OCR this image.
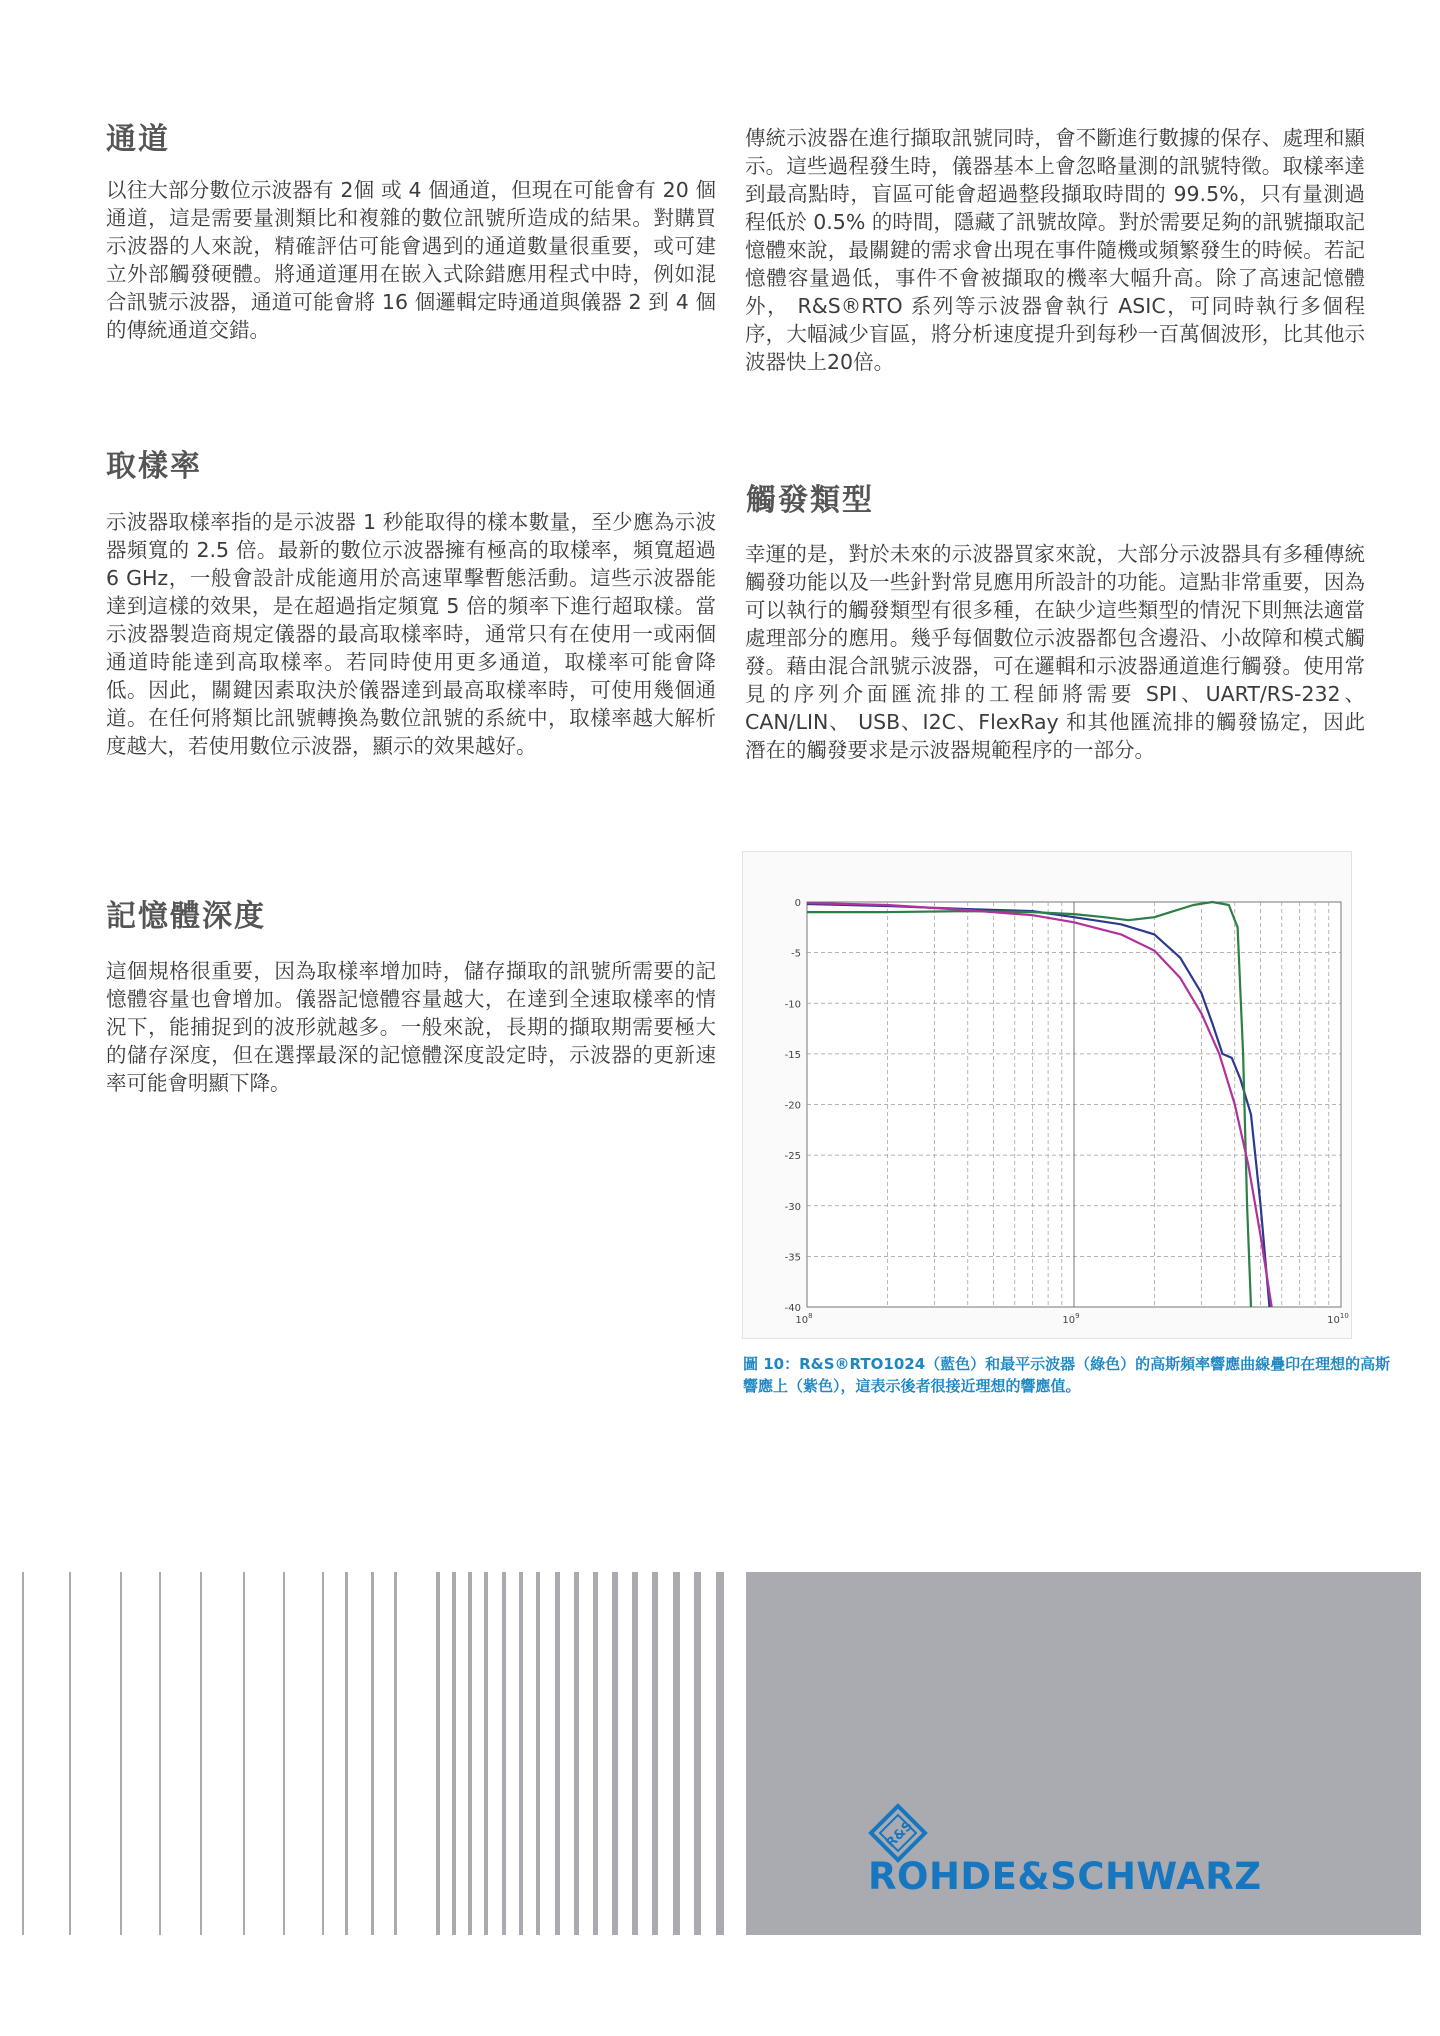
通道

以往大部分數位示波器有 2個 或 4 個通道，但現在可能會有 20 個通道，這是需要量測類比和複雜的數位訊號所造成的結果。對購買示波器的人來說，精確評估可能會遇到的通道數量很重要，或可建立外部觸發硬體。將通道運用在嵌入式除錯應用程式中時，例如混合訊號示波器，通道可能會將 16 個邏輯定時通道與儀器 2 到 4 個的傳統通道交錯。

取樣率

示波器取樣率指的是示波器 1 秒能取得的樣本數量，至少應為示波器頻寬的 2.5 倍。最新的數位示波器擁有極高的取樣率，頻寬超過 6 GHz，一般會設計成能適用於高速單擊暫態活動。這些示波器能達到這樣的效果，是在超過指定頻寬 5 倍的頻率下進行超取樣。當示波器製造商規定儀器的最高取樣率時，通常只有在使用一或兩個通道時能達到高取樣率。若同時使用更多通道，取樣率可能會降低。因此，關鍵因素取決於儀器達到最高取樣率時，可使用幾個通道。在任何將類比訊號轉換為數位訊號的系統中，取樣率越大解析度越大，若使用數位示波器，顯示的效果越好。

記憶體深度

這個規格很重要，因為取樣率增加時，儲存擷取的訊號所需要的記憶體容量也會增加。儀器記憶體容量越大，在達到全速取樣率的情況下，能捕捉到的波形就越多。一般來說，長期的擷取期需要極大的儲存深度，但在選擇最深的記憶體深度設定時，示波器的更新速率可能會明顯下降。

傳統示波器在進行擷取訊號同時，會不斷進行數據的保存、處理和顯示。這些過程發生時，儀器基本上會忽略量測的訊號特徵。取樣率達到最高點時，盲區可能會超過整段擷取時間的 99.5%，只有量測過程低於 0.5% 的時間，隱藏了訊號故障。對於需要足夠的訊號擷取記憶體來說，最關鍵的需求會出現在事件隨機或頻繁發生的時候。若記憶體容量過低，事件不會被擷取的機率大幅升高。除了高速記憶體外， R&S®RTO 系列等示波器會執行 ASIC，可同時執行多個程序，大幅減少盲區，將分析速度提升到每秒一百萬個波形，比其他示波器快上20倍。

觸發類型

幸運的是，對於未來的示波器買家來說，大部分示波器具有多種傳統觸發功能以及一些針對常見應用所設計的功能。這點非常重要，因為可以執行的觸發類型有很多種，在缺少這些類型的情況下則無法適當處理部分的應用。幾乎每個數位示波器都包含邊沿、小故障和模式觸發。藉由混合訊號示波器，可在邏輯和示波器通道進行觸發。使用常見的序列介面匯流排的工程師將需要 SPI、UART/RS-232、CAN/LIN、 USB、I2C、FlexRay 和其他匯流排的觸發協定，因此潛在的觸發要求是示波器規範程序的一部分。

0
-5
-10
-15
-20
-25
-30
-35
-40
$10^8$	$10^9$	$10^{10}$
圖 10：R&S®RTO1024（藍色）和最平示波器（綠色）的高斯頻率響應曲線疊印在理想的高斯響應上（紫色），這表示後者很接近理想的響應值。
R&S
ROHDE&SCHWARZ
